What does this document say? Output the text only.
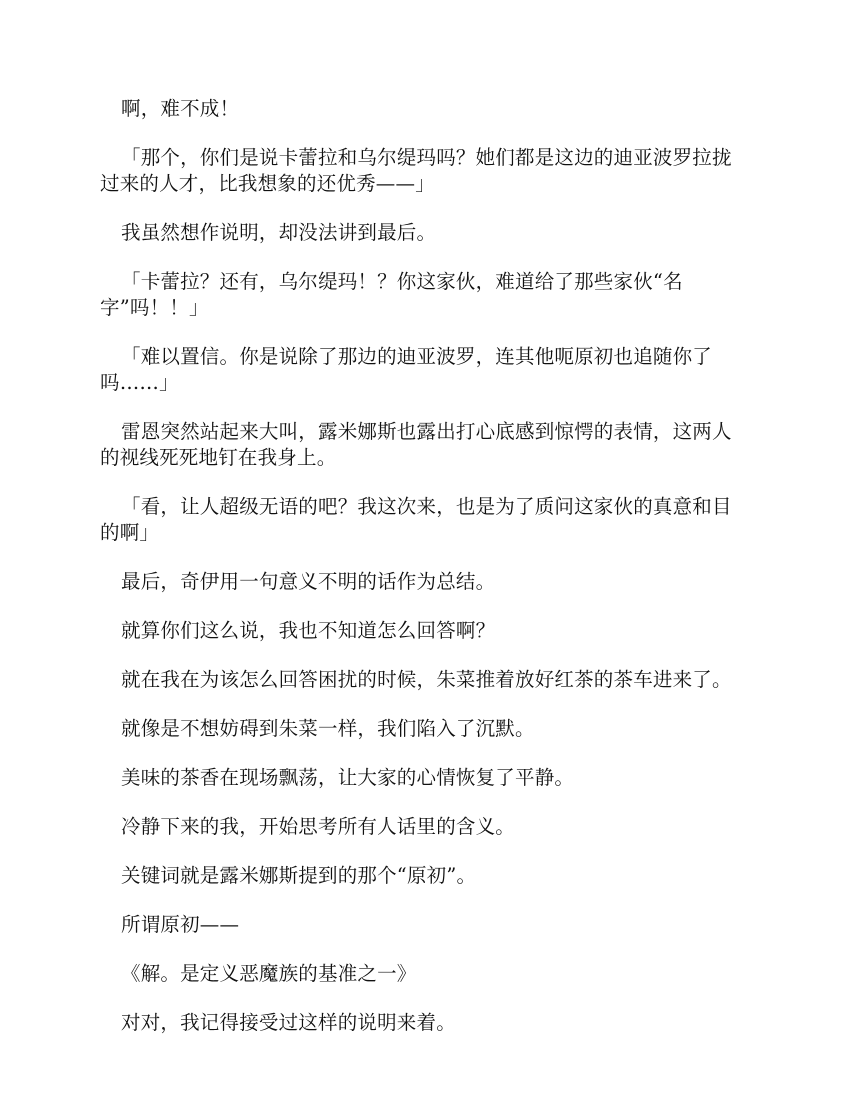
啊，难不成！

「那个，你们是说卡蕾拉和乌尔缇玛吗？她们都是这边的迪亚波罗拉拢过来的人才，比我想象的还优秀——」

我虽然想作说明，却没法讲到最后。

「卡蕾拉？还有，乌尔缇玛！？你这家伙，难道给了那些家伙“名字”吗！！」

「难以置信。你是说除了那边的迪亚波罗，连其他呃原初也追随你了吗……」

雷恩突然站起来大叫，露米娜斯也露出打心底感到惊愕的表情，这两人的视线死死地钉在我身上。

「看，让人超级无语的吧？我这次来，也是为了质问这家伙的真意和目的啊」

最后，奇伊用一句意义不明的话作为总结。

就算你们这么说，我也不知道怎么回答啊？

就在我在为该怎么回答困扰的时候，朱菜推着放好红茶的茶车进来了。

就像是不想妨碍到朱菜一样，我们陷入了沉默。

美味的茶香在现场飘荡，让大家的心情恢复了平静。

冷静下来的我，开始思考所有人话里的含义。

关键词就是露米娜斯提到的那个“原初”。

所谓原初——

《解。是定义恶魔族的基准之一》

对对，我记得接受过这样的说明来着。
